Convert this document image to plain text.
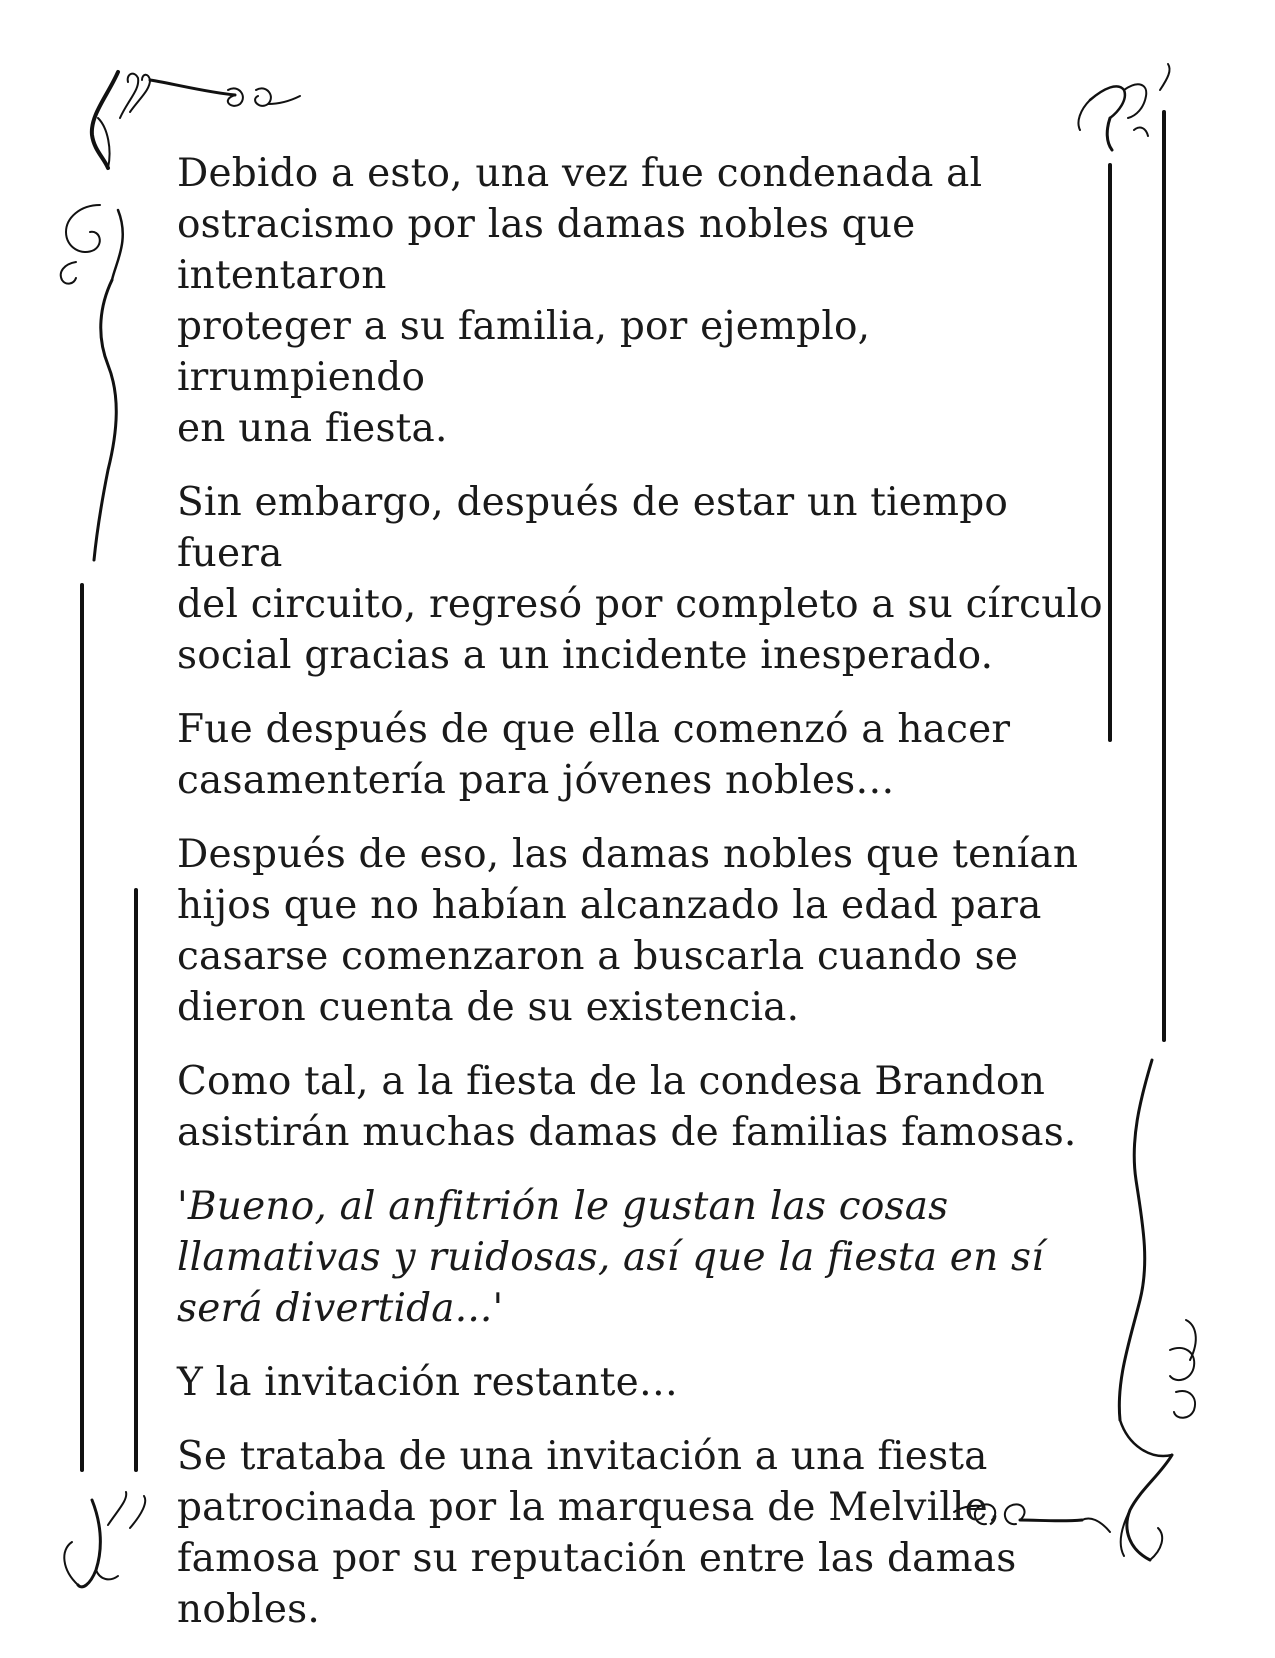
Debido a esto, una vez fue condenada al
ostracismo por las damas nobles que intentaron
proteger a su familia, por ejemplo, irrumpiendo
en una fiesta.

Sin embargo, después de estar un tiempo fuera
del circuito, regresó por completo a su círculo
social gracias a un incidente inesperado.

Fue después de que ella comenzó a hacer
casamentería para jóvenes nobles…

Después de eso, las damas nobles que tenían
hijos que no habían alcanzado la edad para
casarse comenzaron a buscarla cuando se
dieron cuenta de su existencia.

Como tal, a la fiesta de la condesa Brandon
asistirán muchas damas de familias famosas.

'Bueno, al anfitrión le gustan las cosas
llamativas y ruidosas, así que la fiesta en sí
será divertida...'

Y la invitación restante…

Se trataba de una invitación a una fiesta
patrocinada por la marquesa de Melville,
famosa por su reputación entre las damas
nobles.
